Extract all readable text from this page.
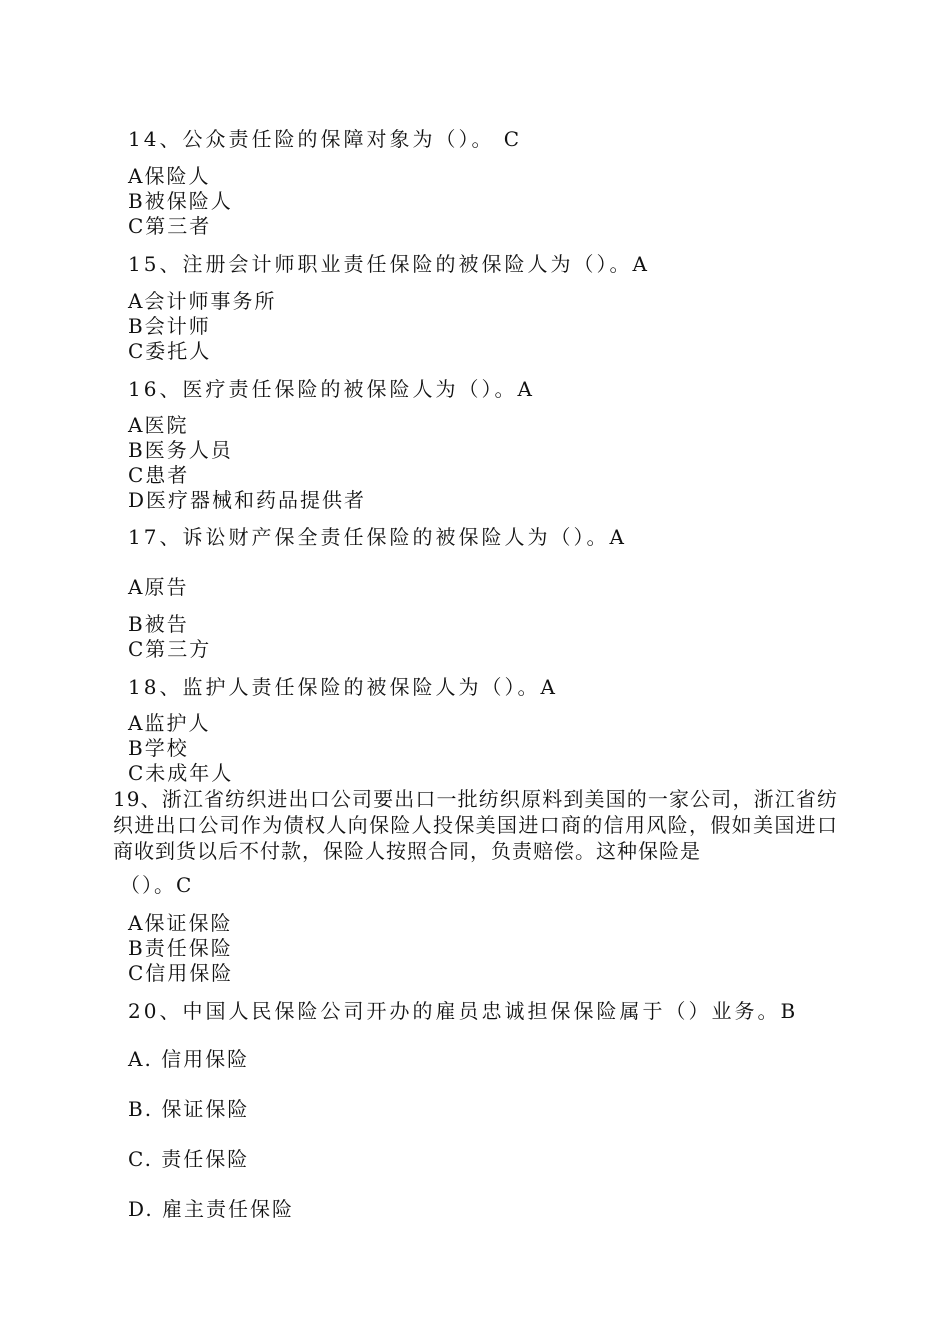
14、公众责任险的保障对象为（）。 C

A保险人

B被保险人

C第三者

15、注册会计师职业责任保险的被保险人为（）。A

A会计师事务所

B会计师

C委托人

16、医疗责任保险的被保险人为（）。A

A医院

B医务人员

C患者

D医疗器械和药品提供者

17、诉讼财产保全责任保险的被保险人为（）。A

A原告

B被告

C第三方

18、监护人责任保险的被保险人为（）。A

A监护人

B学校

C未成年人

19、浙江省纺织进出口公司要出口一批纺织原料到美国的一家公司，浙江省纺织进出口公司作为债权人向保险人投保美国进口商的信用风险，假如美国进口商收到货以后不付款，保险人按照合同，负责赔偿。这种保险是

（）。C

A保证保险

B责任保险

C信用保险

20、中国人民保险公司开办的雇员忠诚担保保险属于（）业务。B

A. 信用保险

B. 保证保险

C. 责任保险

D. 雇主责任保险
